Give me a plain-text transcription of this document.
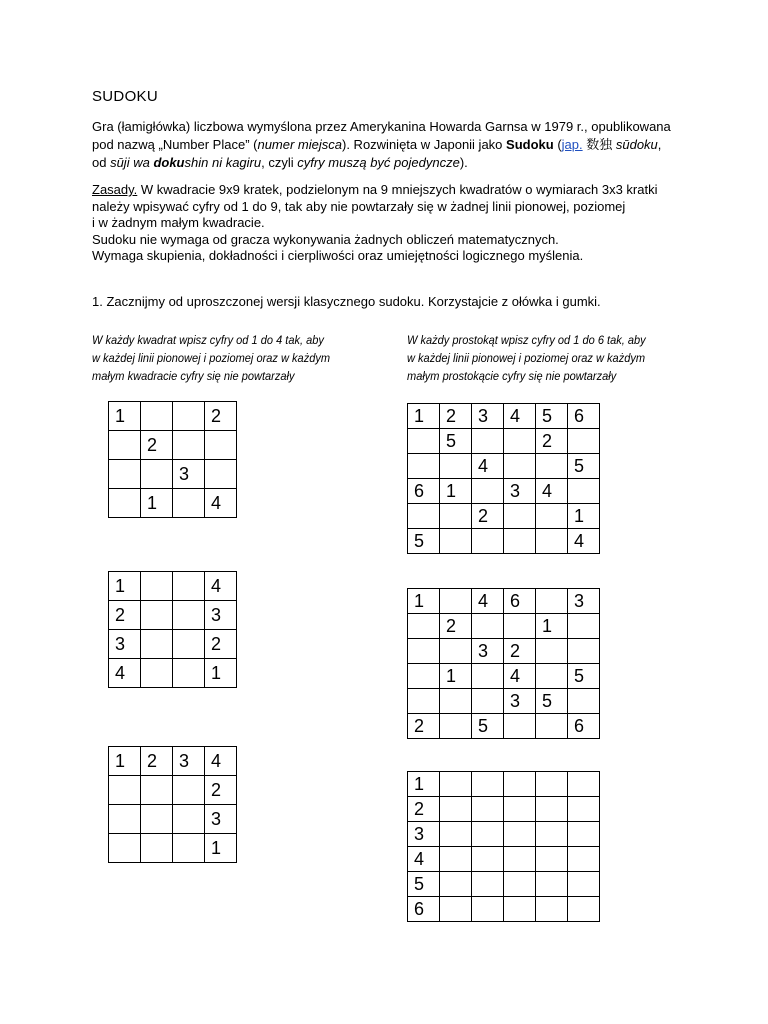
SUDOKU

Gra (łamigłówka) liczbowa wymyślona przez Amerykanina Howarda Garnsa w 1979 r., opublikowana

pod nazwą „Number Place” (numer miejsca). Rozwinięta w Japonii jako Sudoku (jap. 数独 sūdoku,

od sūji wa dokushin ni kagiru, czyli cyfry muszą być pojedyncze).

Zasady. W kwadracie 9x9 kratek, podzielonym na 9 mniejszych kwadratów o wymiarach 3x3 kratki

należy wpisywać cyfry od 1 do 9, tak aby nie powtarzały się w żadnej linii pionowej, poziomej

i w żadnym małym kwadracie.

Sudoku nie wymaga od gracza wykonywania żadnych obliczeń matematycznych.

Wymaga skupienia, dokładności i cierpliwości oraz umiejętności logicznego myślenia.

1. Zacznijmy od uproszczonej wersji klasycznego sudoku. Korzystajcie z ołówka i gumki.
W każdy kwadrat wpisz cyfry od 1 do 4 tak, aby
w każdej linii pionowej i poziomej oraz w każdym
małym kwadracie cyfry się nie powtarzały
W każdy prostokąt wpisz cyfry od 1 do 6 tak, aby
w każdej linii pionowej i poziomej oraz w każdym
małym prostokącie cyfry się nie powtarzały
1			2
	2		
		3	
	1		4
1			4
2			3
3			2
4			1
1	2	3	4
			2
			3
			1
1	2	3	4	5	6
	5			2	
		4			5
6	1		3	4	
		2			1
5					4
1		4	6		3
	2			1	
		3	2		
	1		4		5
			3	5	
2		5			6
1					
2					
3					
4					
5					
6					
